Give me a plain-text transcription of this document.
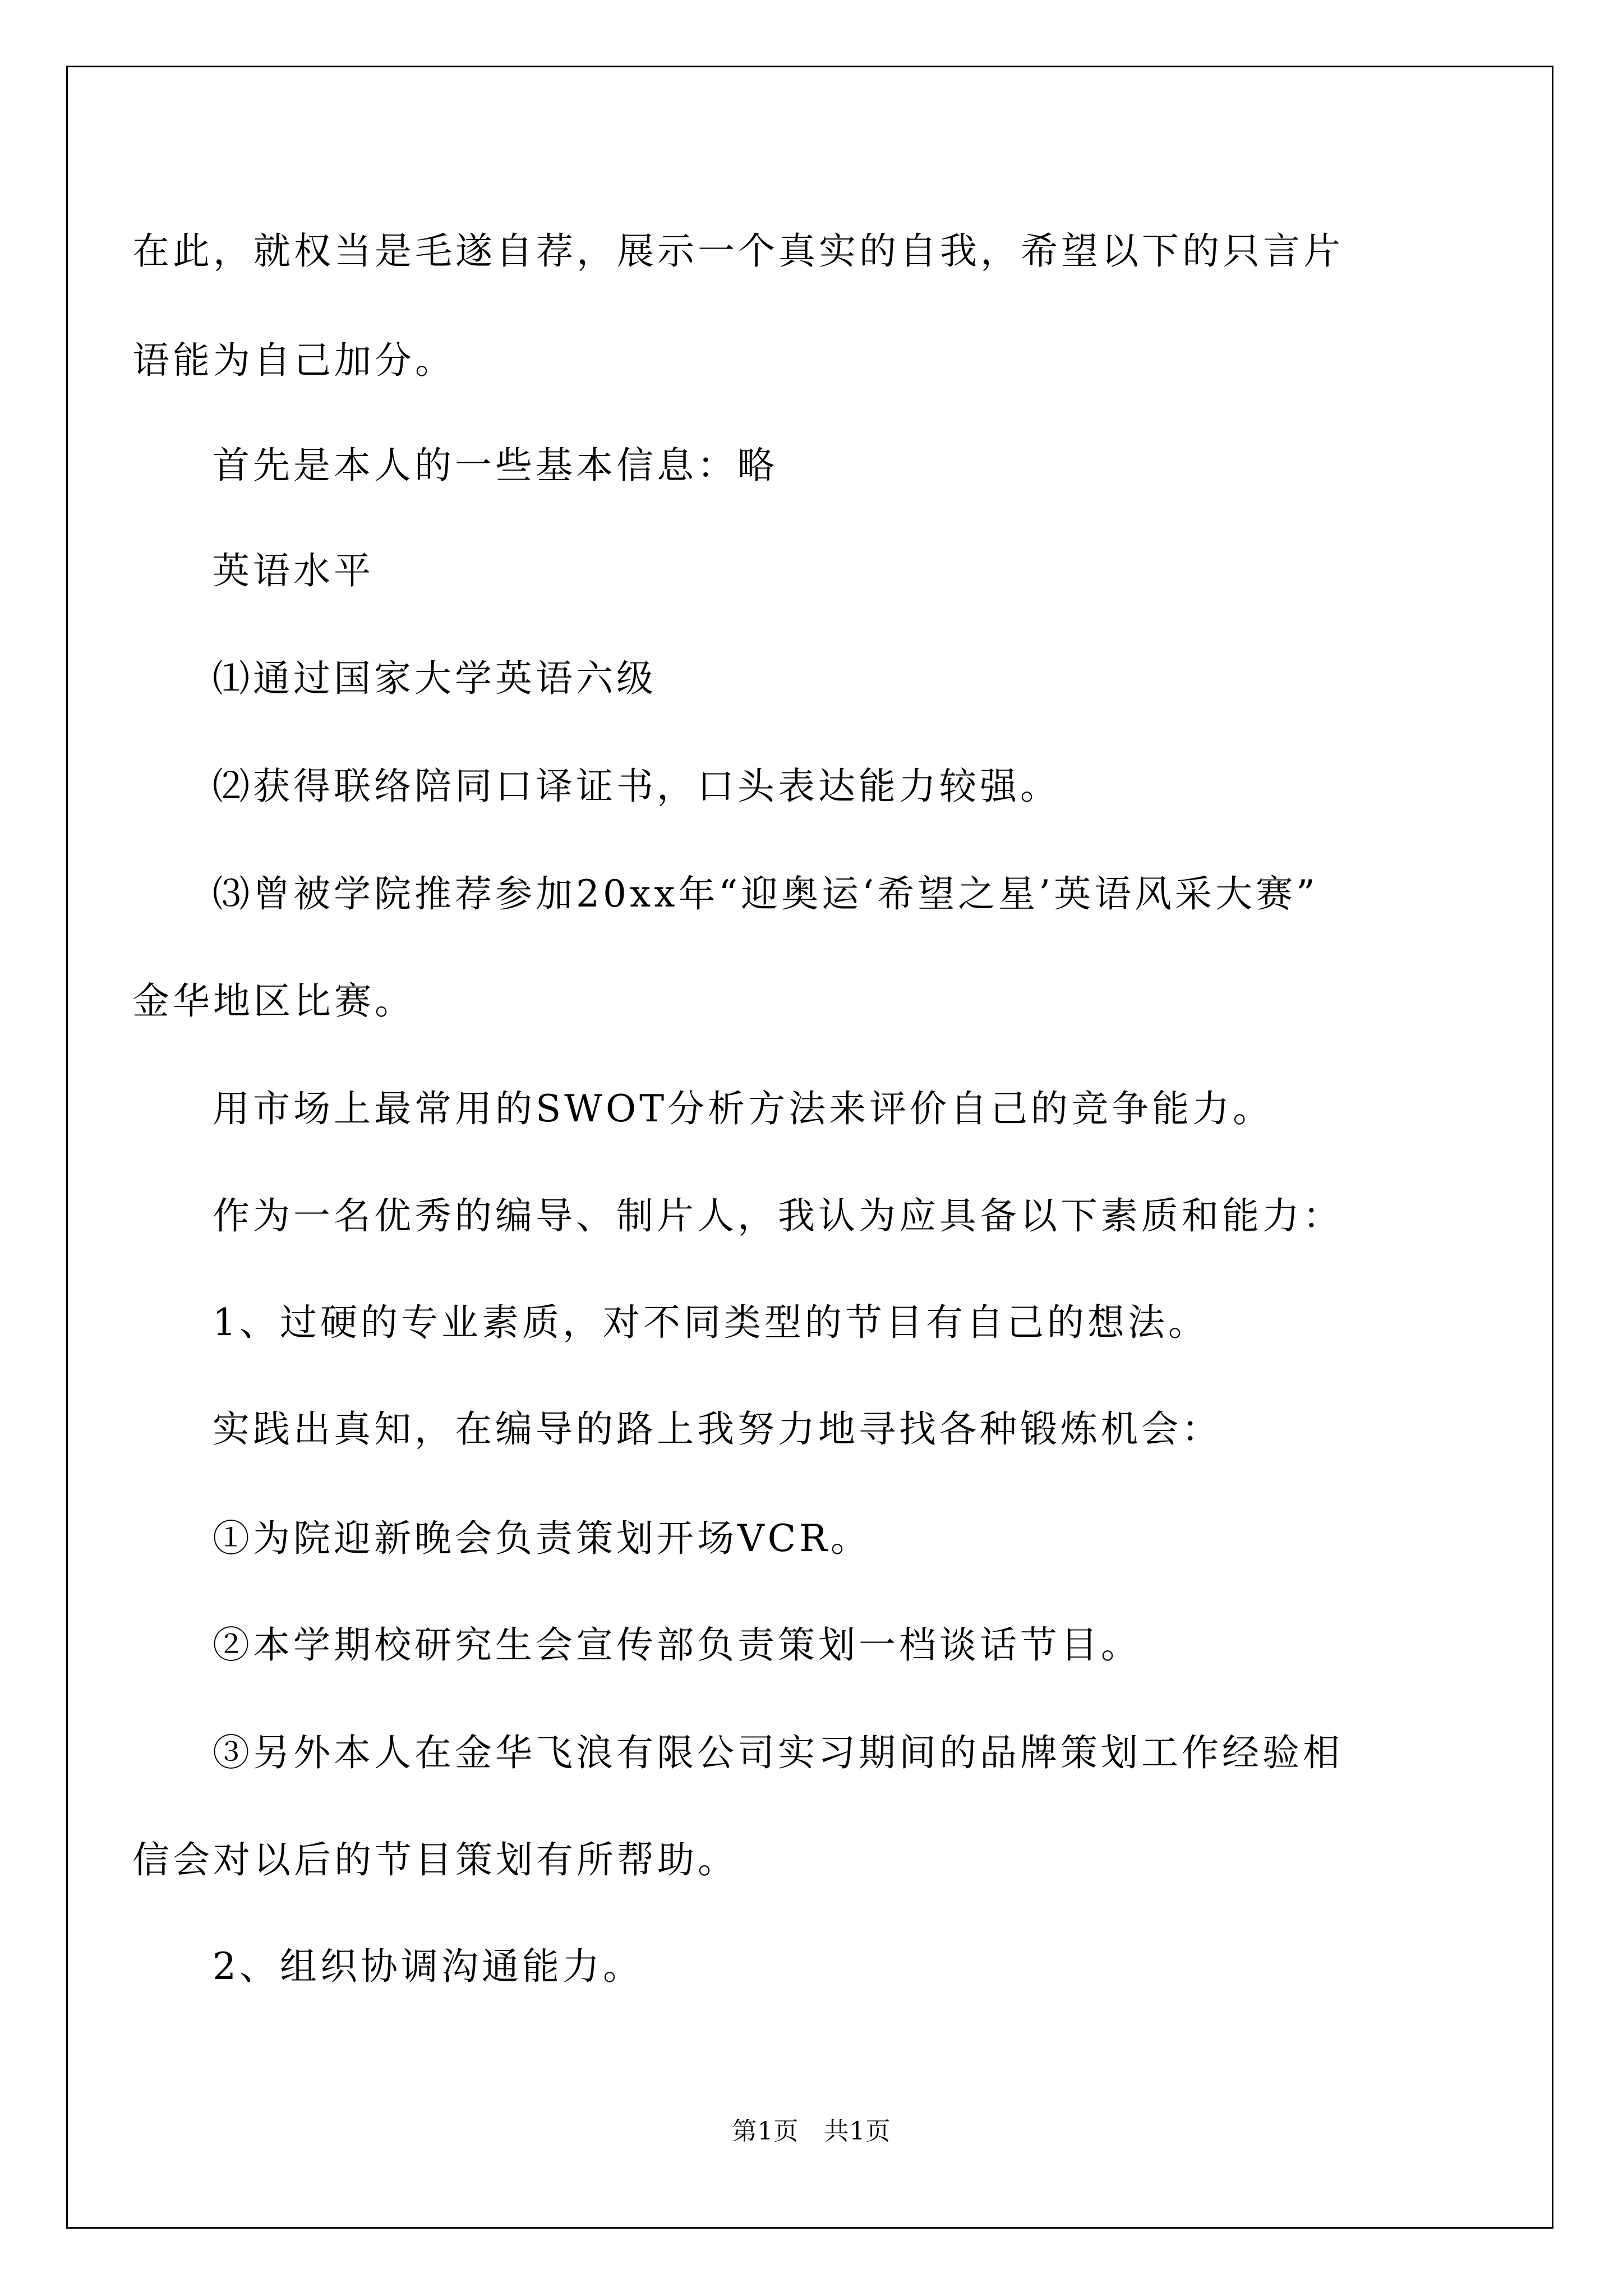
在此，就权当是毛遂自荐，展示一个真实的自我，希望以下的只言片
语能为自己加分。
首先是本人的一些基本信息：略
英语水平
⑴通过国家大学英语六级
⑵获得联络陪同口译证书，口头表达能力较强。
⑶曾被学院推荐参加20xx年“迎奥运‘希望之星’英语风采大赛”
金华地区比赛。
用市场上最常用的SWOT分析方法来评价自己的竞争能力。
作为一名优秀的编导、制片人，我认为应具备以下素质和能力：
1、过硬的专业素质，对不同类型的节目有自己的想法。
实践出真知，在编导的路上我努力地寻找各种锻炼机会：
①为院迎新晚会负责策划开场VCR。
②本学期校研究生会宣传部负责策划一档谈话节目。
③另外本人在金华飞浪有限公司实习期间的品牌策划工作经验相
信会对以后的节目策划有所帮助。
2、组织协调沟通能力。
第1页　共1页
